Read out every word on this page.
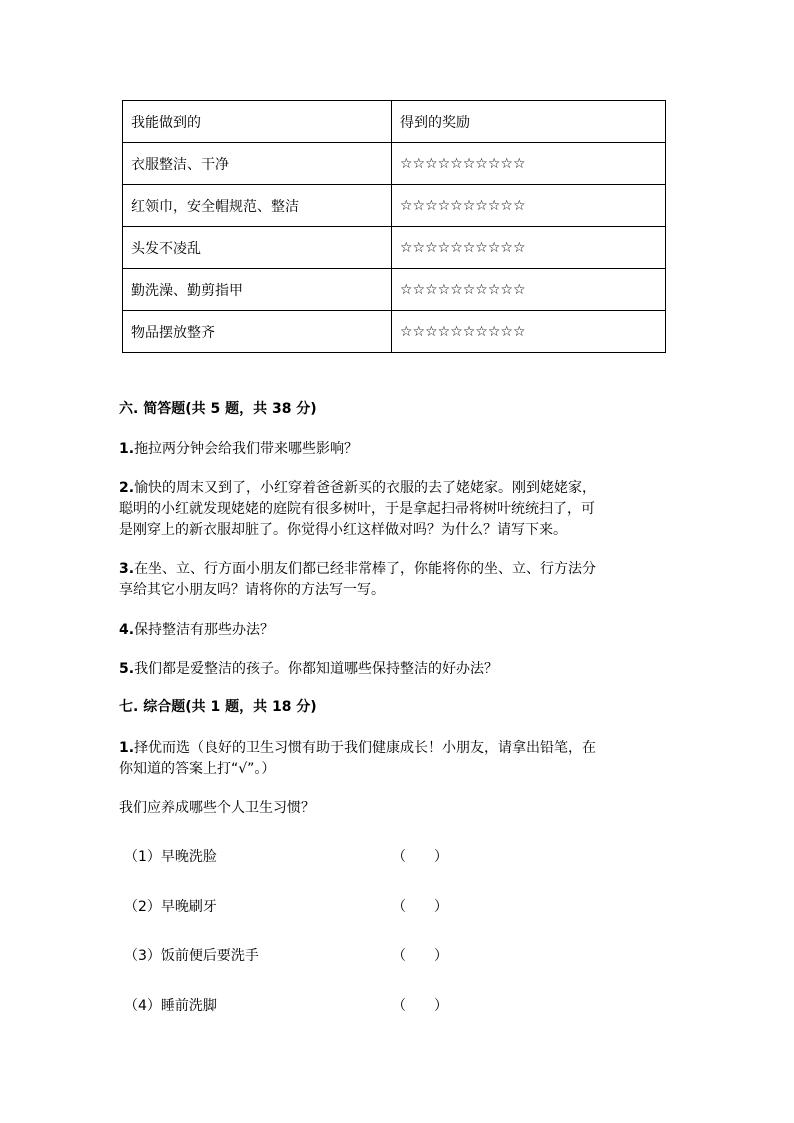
我能做到的	得到的奖励
衣服整洁、干净	☆☆☆☆☆☆☆☆☆☆
红领巾，安全帽规范、整洁	☆☆☆☆☆☆☆☆☆☆
头发不凌乱	☆☆☆☆☆☆☆☆☆☆
勤洗澡、勤剪指甲	☆☆☆☆☆☆☆☆☆☆
物品摆放整齐	☆☆☆☆☆☆☆☆☆☆
六. 简答题(共 5 题，共 38 分)
1.拖拉两分钟会给我们带来哪些影响？
2.愉快的周末又到了，小红穿着爸爸新买的衣服的去了姥姥家。刚到姥姥家，
聪明的小红就发现姥姥的庭院有很多树叶，于是拿起扫帚将树叶统统扫了，可
是刚穿上的新衣服却脏了。你觉得小红这样做对吗？为什么？请写下来。
3.在坐、立、行方面小朋友们都已经非常棒了，你能将你的坐、立、行方法分
享给其它小朋友吗？请将你的方法写一写。
4.保持整洁有那些办法？
5.我们都是爱整洁的孩子。你都知道哪些保持整洁的好办法？
七. 综合题(共 1 题，共 18 分)
1.择优而选（良好的卫生习惯有助于我们健康成长！小朋友，请拿出铅笔，在
你知道的答案上打“√”。）
我们应养成哪些个人卫生习惯？
（1）早晚洗脸	（　　）
（2）早晚刷牙	（　　）
（3）饭前便后要洗手	（　　）
（4）睡前洗脚	（　　）
